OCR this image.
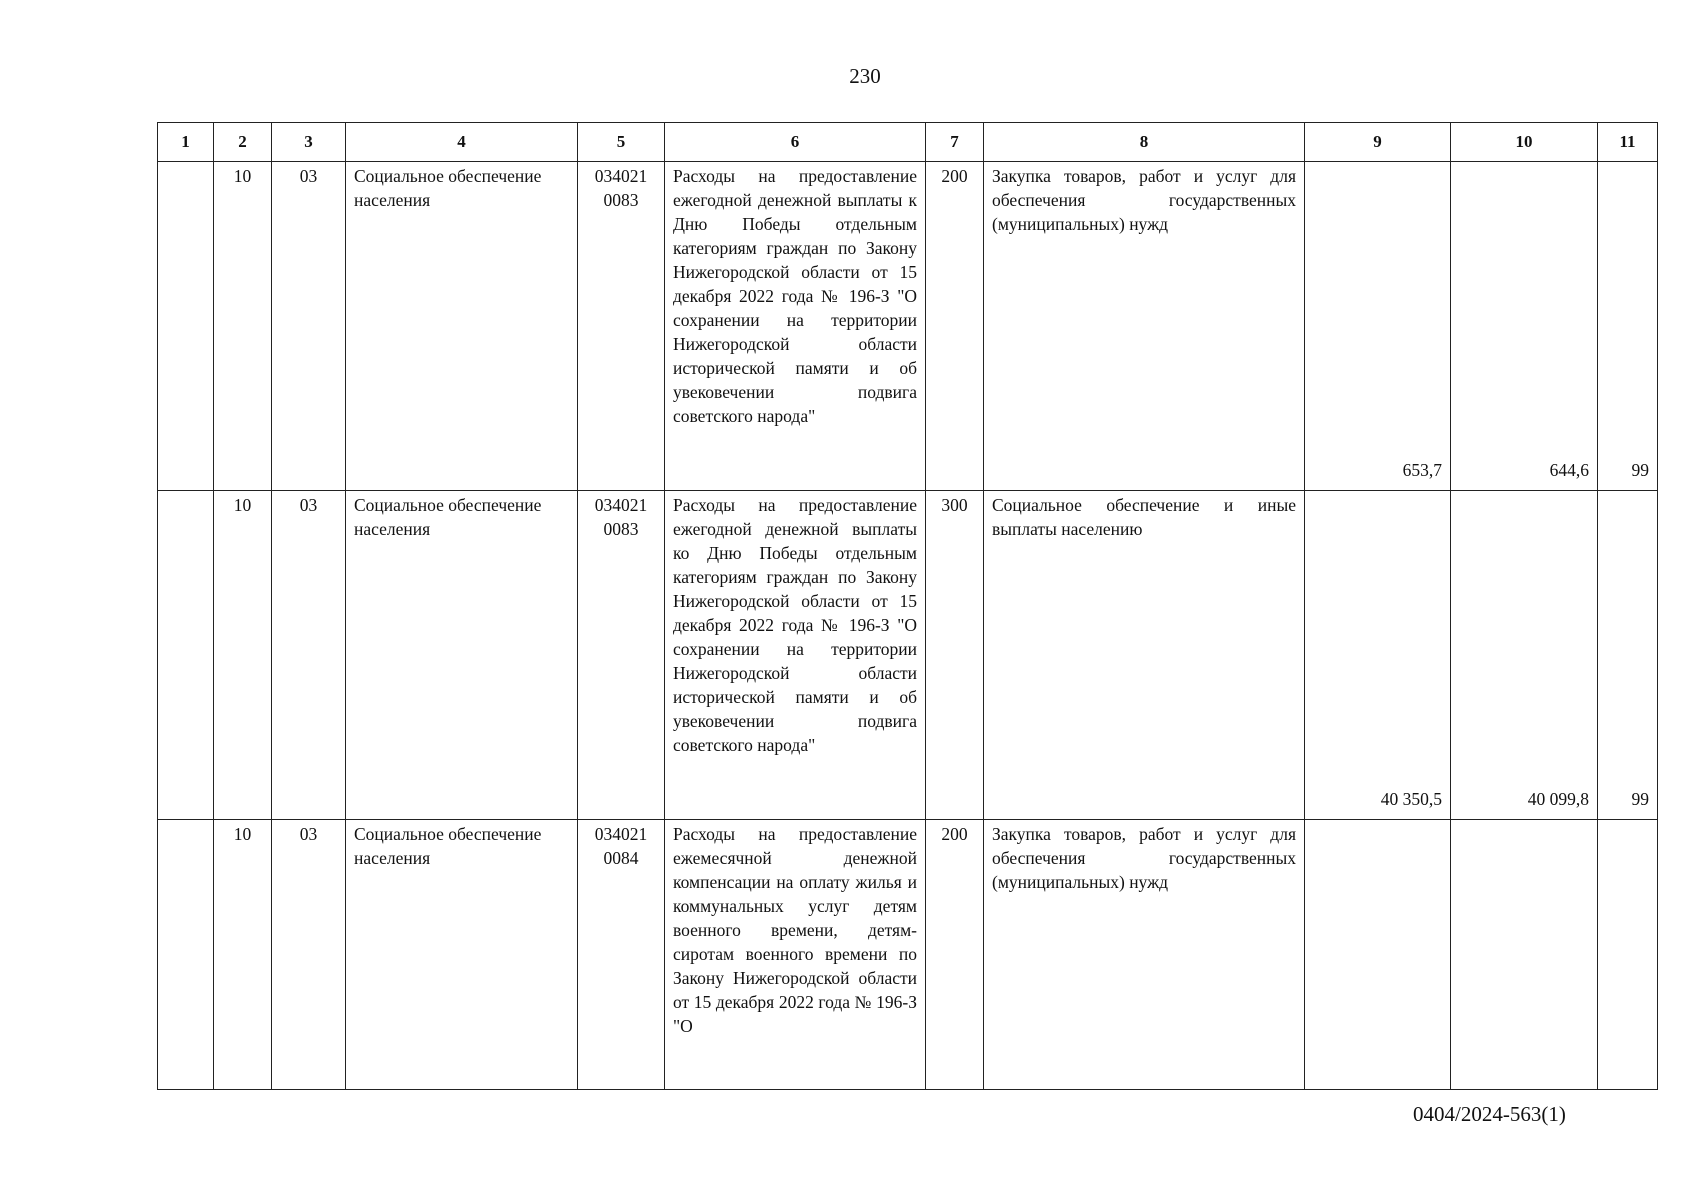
230
1	2	3	4	5	6	7	8	9	10	11
	10	03	Социальное обеспечение населения	034021 0083	Расходы на предоставление ежегодной денежной выплаты к Дню Победы отдельным категориям граждан по Закону Нижегородской области от 15 декабря 2022 года № 196-З "О сохранении на территории Нижегородской области исторической памяти и об увековечении подвига советского народа"	200	Закупка товаров, работ и услуг для обеспечения государственных (муниципальных) нужд	653,7	644,6	99
	10	03	Социальное обеспечение населения	034021 0083	Расходы на предоставление ежегодной денежной выплаты ко Дню Победы отдельным категориям граждан по Закону Нижегородской области от 15 декабря 2022 года № 196-З "О сохранении на территории Нижегородской области исторической памяти и об увековечении подвига советского народа"	300	Социальное обеспечение и иные выплаты населению	40 350,5	40 099,8	99
	10	03	Социальное обеспечение населения	034021 0084	Расходы на предоставление ежемесячной денежной компенсации на оплату жилья и коммунальных услуг детям военного времени, детям-сиротам военного времени по Закону Нижегородской области от 15 декабря 2022 года № 196-З "О	200	Закупка товаров, работ и услуг для обеспечения государственных (муниципальных) нужд			
0404/2024-563(1)
